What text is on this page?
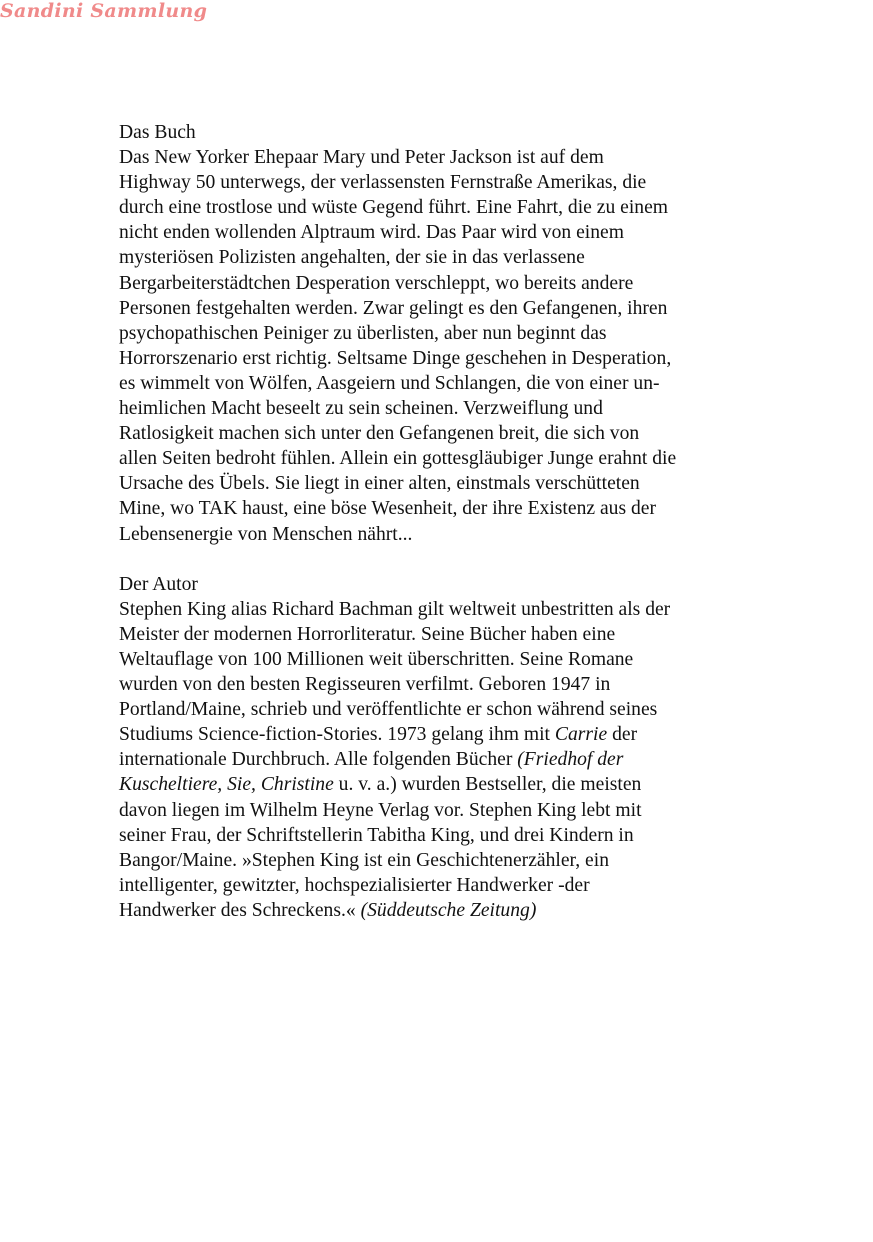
Sandini Sammlung
Das Buch
Das New Yorker Ehepaar Mary und Peter Jackson ist auf dem
Highway 50 unterwegs, der verlassensten Fernstraße Amerikas, die
durch eine trostlose und wüste Gegend führt. Eine Fahrt, die zu einem
nicht enden wollenden Alptraum wird. Das Paar wird von einem
mysteriösen Polizisten angehalten, der sie in das verlassene
Bergarbeiterstädtchen Desperation verschleppt, wo bereits andere
Personen festgehalten werden. Zwar gelingt es den Gefangenen, ihren
psychopathischen Peiniger zu überlisten, aber nun beginnt das
Horrorszenario erst richtig. Seltsame Dinge geschehen in Desperation,
es wimmelt von Wölfen, Aasgeiern und Schlangen, die von einer un-
heimlichen Macht beseelt zu sein scheinen. Verzweiflung und
Ratlosigkeit machen sich unter den Gefangenen breit, die sich von
allen Seiten bedroht fühlen. Allein ein gottesgläubiger Junge erahnt die
Ursache des Übels. Sie liegt in einer alten, einstmals verschütteten
Mine, wo TAK haust, eine böse Wesenheit, der ihre Existenz aus der
Lebensenergie von Menschen nährt...
Der Autor
Stephen King alias Richard Bachman gilt weltweit unbestritten als der
Meister der modernen Horrorliteratur. Seine Bücher haben eine
Weltauflage von 100 Millionen weit überschritten. Seine Romane
wurden von den besten Regisseuren verfilmt. Geboren 1947 in
Portland/Maine, schrieb und veröffentlichte er schon während seines
Studiums Science-fiction-Stories. 1973 gelang ihm mit Carrie der
internationale Durchbruch. Alle folgenden Bücher (Friedhof der
Kuscheltiere, Sie, Christine u. v. a.) wurden Bestseller, die meisten
davon liegen im Wilhelm Heyne Verlag vor. Stephen King lebt mit
seiner Frau, der Schriftstellerin Tabitha King, und drei Kindern in
Bangor/Maine. »Stephen King ist ein Geschichtenerzähler, ein
intelligenter, gewitzter, hochspezialisierter Handwerker -der
Handwerker des Schreckens.« (Süddeutsche Zeitung)
